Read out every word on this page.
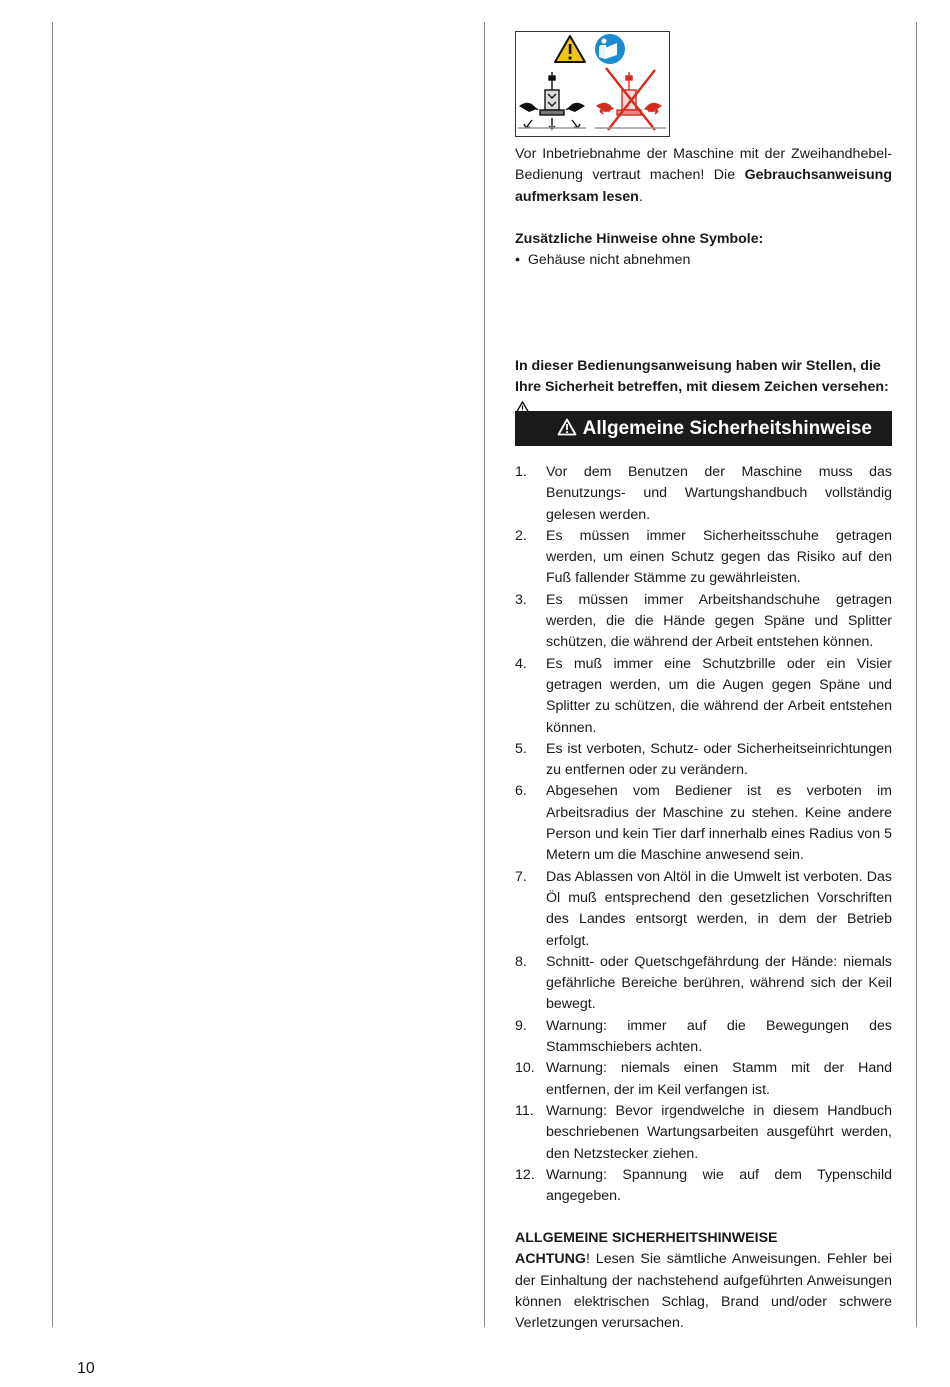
Vor Inbetriebnahme der Maschine mit der Zweihandhebel-Bedienung vertraut machen! Die Gebrauchsanweisung aufmerksam lesen.
Zusätzliche Hinweise ohne Symbole:
• Gehäuse nicht abnehmen
In dieser Bedienungsanweisung haben wir Stellen, die Ihre Sicherheit betreffen, mit diesem Zeichen versehen:
Allgemeine Sicherheitshinweise
1. Vor dem Benutzen der Maschine muss das Benutzungs- und Wartungshandbuch vollständig gelesen werden.
2. Es müssen immer Sicherheitsschuhe getragen werden, um einen Schutz gegen das Risiko auf den Fuß fallender Stämme zu gewährleisten.
3. Es müssen immer Arbeitshandschuhe getragen werden, die die Hände gegen Späne und Splitter schützen, die während der Arbeit entstehen können.
4. Es muß immer eine Schutzbrille oder ein Visier getragen werden, um die Augen gegen Späne und Splitter zu schützen, die während der Arbeit entstehen können.
5. Es ist verboten, Schutz- oder Sicherheitseinrichtungen zu entfernen oder zu verändern.
6. Abgesehen vom Bediener ist es verboten im Arbeitsradius der Maschine zu stehen. Keine andere Person und kein Tier darf innerhalb eines Radius von 5 Metern um die Maschine anwesend sein.
7. Das Ablassen von Altöl in die Umwelt ist verboten. Das Öl muß entsprechend den gesetzlichen Vorschriften des Landes entsorgt werden, in dem der Betrieb erfolgt.
8. Schnitt- oder Quetschgefährdung der Hände: niemals gefährliche Bereiche berühren, während sich der Keil bewegt.
9. Warnung: immer auf die Bewegungen des Stammschiebers achten.
10. Warnung: niemals einen Stamm mit der Hand entfernen, der im Keil verfangen ist.
11. Warnung: Bevor irgendwelche in diesem Handbuch beschriebenen Wartungsarbeiten ausgeführt werden, den Netzstecker ziehen.
12. Warnung: Spannung wie auf dem Typenschild angegeben.
ALLGEMEINE SICHERHEITSHINWEISE
ACHTUNG! Lesen Sie sämtliche Anweisungen. Fehler bei der Einhaltung der nachstehend aufgeführten Anweisungen können elektrischen Schlag, Brand und/oder schwere Verletzungen verursachen.
10
